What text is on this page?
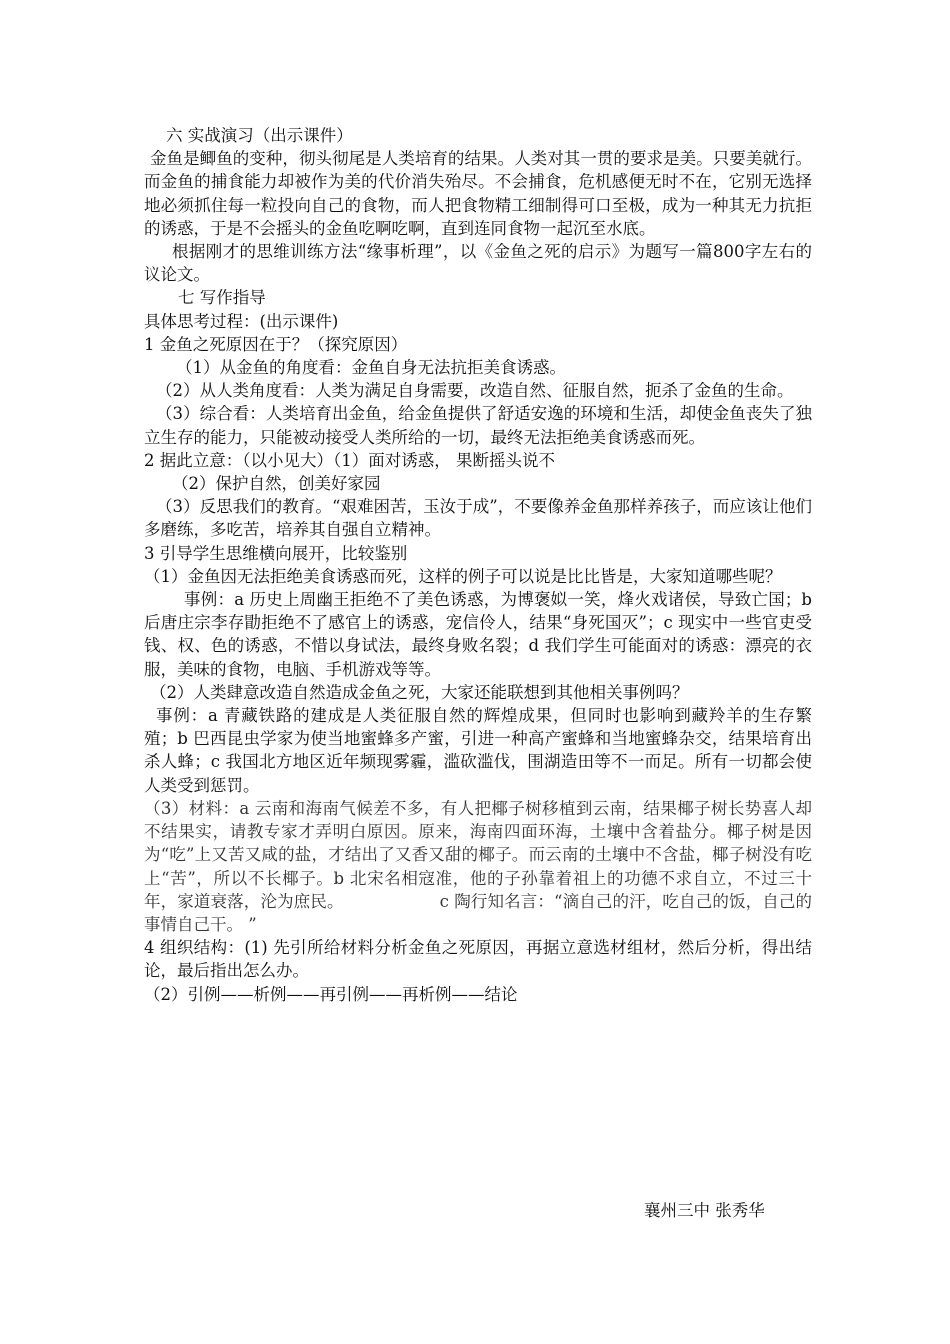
六 实战演习（出示课件）

金鱼是鲫鱼的变种，彻头彻尾是人类培育的结果。人类对其一贯的要求是美。只要美就行。而金鱼的捕食能力却被作为美的代价消失殆尽。不会捕食，危机感便无时不在，它别无选择地必须抓住每一粒投向自己的食物，而人把食物精工细制得可口至极，成为一种其无力抗拒的诱惑，于是不会摇头的金鱼吃啊吃啊，直到连同食物一起沉至水底。

根据刚才的思维训练方法“缘事析理”，以《金鱼之死的启示》为题写一篇800字左右的议论文。

七 写作指导

具体思考过程：(出示课件)

1 金鱼之死原因在于？（探究原因）

（1）从金鱼的角度看：金鱼自身无法抗拒美食诱惑。

（2）从人类角度看：人类为满足自身需要，改造自然、征服自然，扼杀了金鱼的生命。

（3）综合看：人类培育出金鱼，给金鱼提供了舒适安逸的环境和生活，却使金鱼丧失了独立生存的能力，只能被动接受人类所给的一切，最终无法拒绝美食诱惑而死。

2 据此立意：（以小见大）（1）面对诱惑， 果断摇头说不

（2）保护自然，创美好家园

（3）反思我们的教育。“艰难困苦，玉汝于成”，不要像养金鱼那样养孩子，而应该让他们多磨练，多吃苦，培养其自强自立精神。

3 引导学生思维横向展开，比较鉴别

（1）金鱼因无法拒绝美食诱惑而死，这样的例子可以说是比比皆是，大家知道哪些呢？

事例：a 历史上周幽王拒绝不了美色诱惑，为博褒姒一笑，烽火戏诸侯，导致亡国；b 后唐庄宗李存勖拒绝不了感官上的诱惑，宠信伶人，结果“身死国灭”；c 现实中一些官吏受钱、权、色的诱惑，不惜以身试法，最终身败名裂；d 我们学生可能面对的诱惑：漂亮的衣服，美味的食物，电脑、手机游戏等等。

（2）人类肆意改造自然造成金鱼之死，大家还能联想到其他相关事例吗？

事例：a 青藏铁路的建成是人类征服自然的辉煌成果，但同时也影响到藏羚羊的生存繁殖；b 巴西昆虫学家为使当地蜜蜂多产蜜，引进一种高产蜜蜂和当地蜜蜂杂交，结果培育出杀人蜂；c 我国北方地区近年频现雾霾，滥砍滥伐，围湖造田等不一而足。所有一切都会使人类受到惩罚。

（3）材料：a 云南和海南气候差不多，有人把椰子树移植到云南，结果椰子树长势喜人却不结果实，请教专家才弄明白原因。原来，海南四面环海，土壤中含着盐分。椰子树是因为“吃”上又苦又咸的盐，才结出了又香又甜的椰子。而云南的土壤中不含盐，椰子树没有吃上“苦”，所以不长椰子。b 北宋名相寇准，他的子孙靠着祖上的功德不求自立，不过三十年，家道衰落，沦为庶民。	c 陶行知名言：“滴自己的汗，吃自己的饭，自己的事情自己干。 ”

4 组织结构：(1) 先引所给材料分析金鱼之死原因，再据立意选材组材，然后分析，得出结论，最后指出怎么办。

（2）引例——析例——再引例——再析例——结论

襄州三中 张秀华
